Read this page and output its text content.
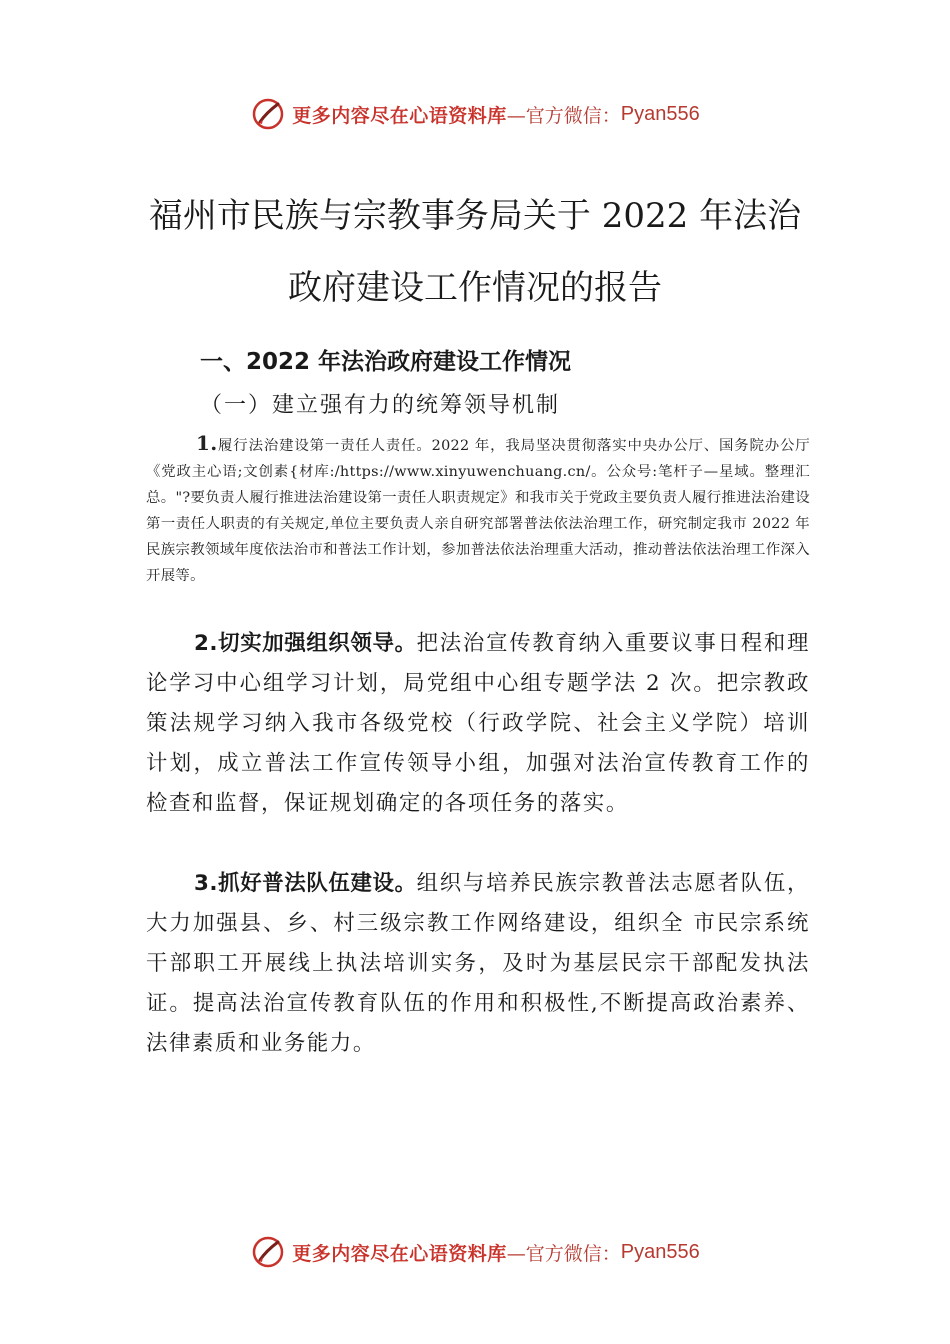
更多内容尽在心语资料库 —官方微信： Pyan556
福州市民族与宗教事务局关于 2022 年法治
政府建设工作情况的报告
一、2022 年法治政府建设工作情况
（一）建立强有力的统筹领导机制
1.履行法治建设第一责任人责任。2022 年，我局坚决贯彻落实中央办公厅、国务院办公厅《党政主心语;文创素{材库:/https://www.xinyuwenchuang.cn/。公众号:笔杆子—星域。整理汇总。"?要负责人履行推进法治建设第一责任人职责规定》和我市关于党政主要负责人履行推进法治建设第一责任人职责的有关规定,单位主要负责人亲自研究部署普法依法治理工作，研究制定我市 2022 年民族宗教领域年度依法治市和普法工作计划，参加普法依法治理重大活动，推动普法依法治理工作深入开展等。
2.切实加强组织领导。把法治宣传教育纳入重要议事日程和理论学习中心组学习计划，局党组中心组专题学法 2 次。把宗教政策法规学习纳入我市各级党校（行政学院、社会主义学院）培训计划，成立普法工作宣传领导小组，加强对法治宣传教育工作的检查和监督，保证规划确定的各项任务的落实。
3.抓好普法队伍建设。组织与培养民族宗教普法志愿者队伍，大力加强县、乡、村三级宗教工作网络建设，组织全 市民宗系统干部职工开展线上执法培训实务，及时为基层民宗干部配发执法证。提高法治宣传教育队伍的作用和积极性,不断提高政治素养、法律素质和业务能力。
更多内容尽在心语资料库 —官方微信： Pyan556
